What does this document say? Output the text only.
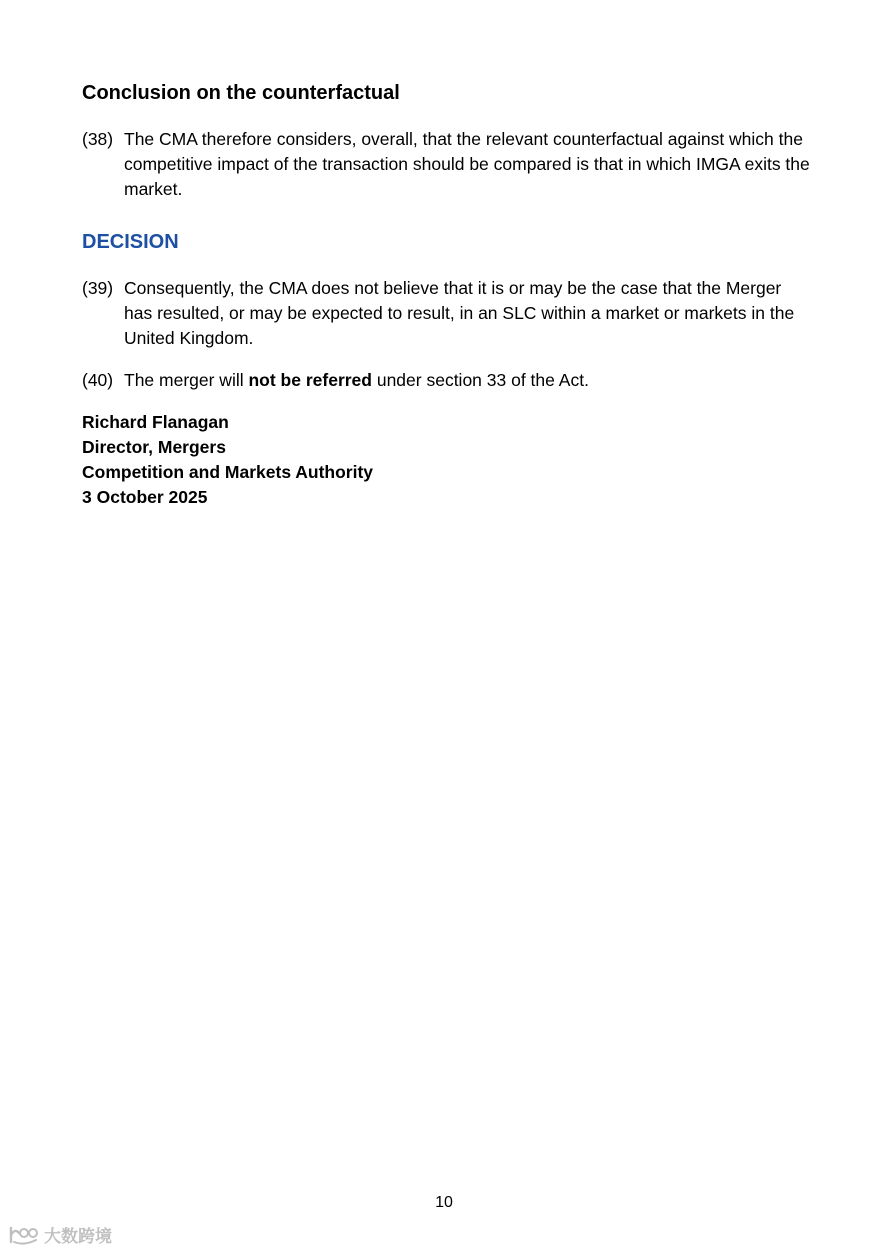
Conclusion on the counterfactual
(38) The CMA therefore considers, overall, that the relevant counterfactual against which the competitive impact of the transaction should be compared is that in which IMGA exits the market.
DECISION
(39) Consequently, the CMA does not believe that it is or may be the case that the Merger has resulted, or may be expected to result, in an SLC within a market or markets in the United Kingdom.
(40) The merger will not be referred under section 33 of the Act.
Richard Flanagan
Director, Mergers
Competition and Markets Authority
3 October 2025
10
大数跨境
